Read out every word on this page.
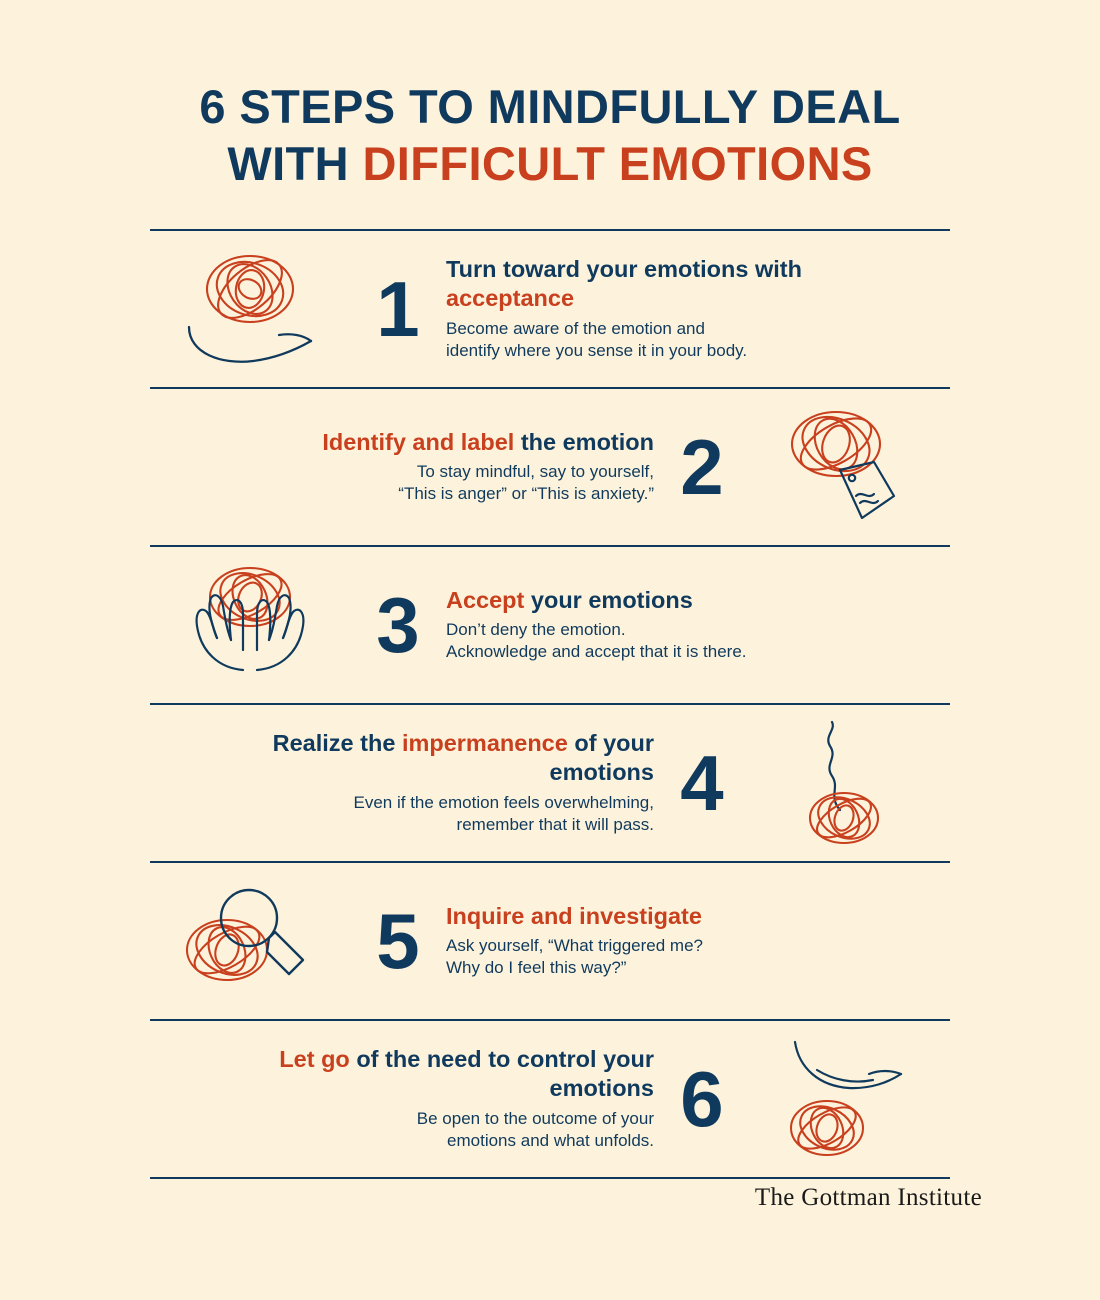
6 STEPS TO MINDFULLY DEAL
WITH DIFFICULT EMOTIONS
1	Turn toward your emotions with acceptance
Become aware of the emotion and
identify where you sense it in your body.
Identify and label the emotion
To stay mindful, say to yourself,
“This is anger” or “This is anxiety.” 2
3	Accept your emotions
Don’t deny the emotion.
Acknowledge and accept that it is there.
Realize the impermanence of your emotions
Even if the emotion feels overwhelming,
remember that it will pass. 4
5	Inquire and investigate
Ask yourself, “What triggered me?
Why do I feel this way?”
Let go of the need to control your emotions
Be open to the outcome of your
emotions and what unfolds. 6
The Gottman Institute
